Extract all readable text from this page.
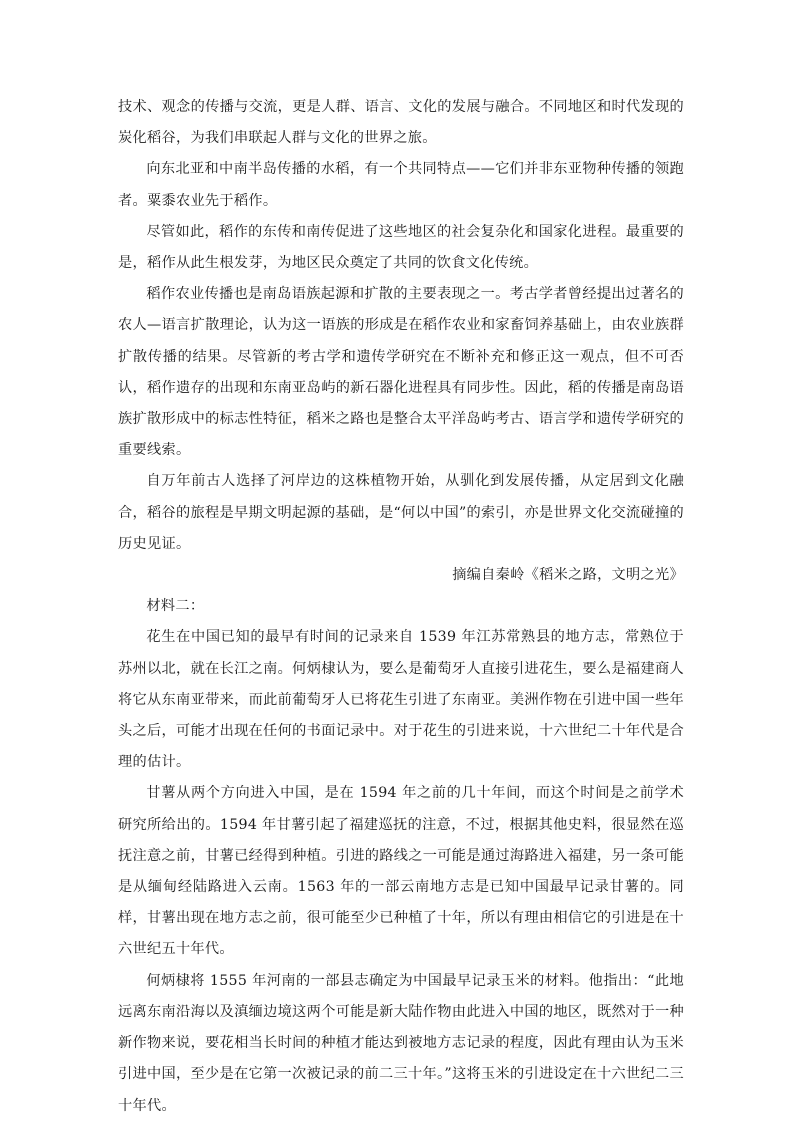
技术、观念的传播与交流，更是人群、语言、文化的发展与融合。不同地区和时代发现的炭化稻谷，为我们串联起人群与文化的世界之旅。

向东北亚和中南半岛传播的水稻，有一个共同特点——它们并非东亚物种传播的领跑者。粟黍农业先于稻作。

尽管如此，稻作的东传和南传促进了这些地区的社会复杂化和国家化进程。最重要的是，稻作从此生根发芽，为地区民众奠定了共同的饮食文化传统。

稻作农业传播也是南岛语族起源和扩散的主要表现之一。考古学者曾经提出过著名的农人—语言扩散理论，认为这一语族的形成是在稻作农业和家畜饲养基础上，由农业族群扩散传播的结果。尽管新的考古学和遗传学研究在不断补充和修正这一观点，但不可否认，稻作遗存的出现和东南亚岛屿的新石器化进程具有同步性。因此，稻的传播是南岛语族扩散形成中的标志性特征，稻米之路也是整合太平洋岛屿考古、语言学和遗传学研究的重要线索。

自万年前古人选择了河岸边的这株植物开始，从驯化到发展传播，从定居到文化融合，稻谷的旅程是早期文明起源的基础，是“何以中国”的索引，亦是世界文化交流碰撞的历史见证。

摘编自秦岭《稻米之路，文明之光》

材料二：

花生在中国已知的最早有时间的记录来自 1539 年江苏常熟县的地方志，常熟位于苏州以北，就在长江之南。何炳棣认为，要么是葡萄牙人直接引进花生，要么是福建商人将它从东南亚带来，而此前葡萄牙人已将花生引进了东南亚。美洲作物在引进中国一些年头之后，可能才出现在任何的书面记录中。对于花生的引进来说，十六世纪二十年代是合理的估计。

甘薯从两个方向进入中国，是在 1594 年之前的几十年间，而这个时间是之前学术研究所给出的。1594 年甘薯引起了福建巡抚的注意，不过，根据其他史料，很显然在巡抚注意之前，甘薯已经得到种植。引进的路线之一可能是通过海路进入福建，另一条可能是从缅甸经陆路进入云南。1563 年的一部云南地方志是已知中国最早记录甘薯的。同样，甘薯出现在地方志之前，很可能至少已种植了十年，所以有理由相信它的引进是在十六世纪五十年代。

何炳棣将 1555 年河南的一部县志确定为中国最早记录玉米的材料。他指出：“此地远离东南沿海以及滇缅边境这两个可能是新大陆作物由此进入中国的地区，既然对于一种新作物来说，要花相当长时间的种植才能达到被地方志记录的程度，因此有理由认为玉米引进中国，至少是在它第一次被记录的前二三十年。”这将玉米的引进设定在十六世纪二三十年代。
